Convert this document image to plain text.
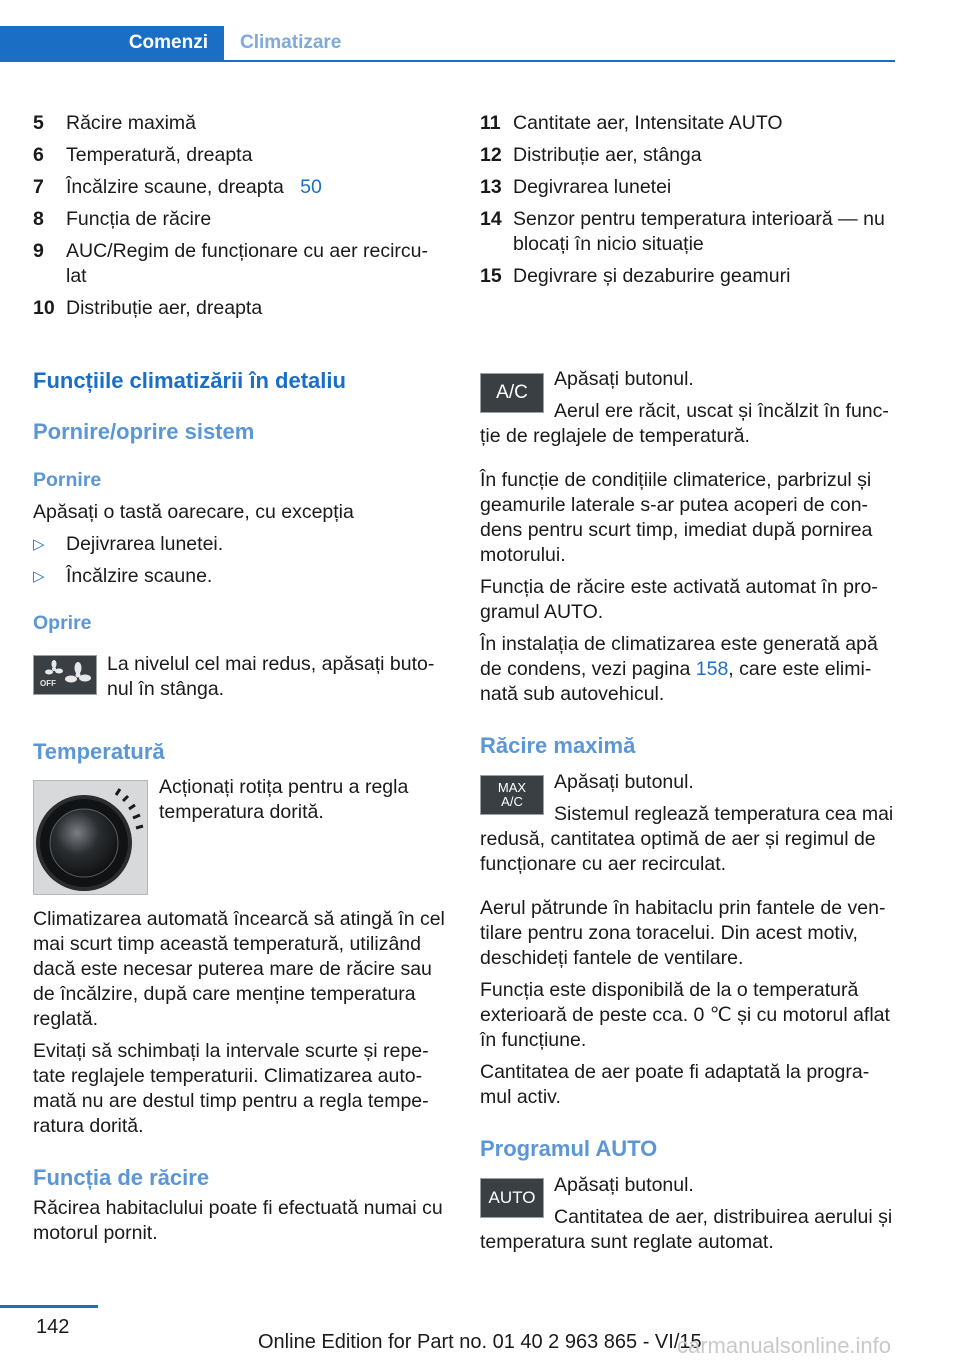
Comenzi Climatizare
5 Răcire maximă
6 Temperatură, dreapta
7 Încălzire scaune, dreapta 50
8 Funcția de răcire
9 AUC/Regim de funcționare cu aer recircu‐lat
10 Distribuție aer, dreapta
11 Cantitate aer, Intensitate AUTO
12 Distribuție aer, stânga
13 Degivrarea lunetei
14 Senzor pentru temperatura interioară — nu blocați în nicio situație
15 Degivrare și dezaburire geamuri
Funcțiile climatizării în detaliu
Pornire/oprire sistem
Pornire

Apăsați o tastă oarecare, cu excepția

▷ Dejivrarea lunetei.
▷ Încălzire scaune.
Oprire
OFF
La nivelul cel mai redus, apăsați buto‐nul în stânga.
Temperatură
Acționați rotița pentru a regla temperatura dorită.

Climatizarea automată încearcă să atingă în cel mai scurt timp această temperatură, utilizând dacă este necesar puterea mare de răcire sau de încălzire, după care menține temperatura reglată.

Evitați să schimbați la intervale scurte și repe‐tate reglajele temperaturii. Climatizarea auto‐mată nu are destul timp pentru a regla tempe‐ratura dorită.

Funcția de răcire

Răcirea habitaclului poate fi efectuată numai cu motorul pornit.

A/C
Apăsați butonul.
Aerul ere răcit, uscat și încălzit în func‐ție de reglajele de temperatură.

În funcție de condițiile climaterice, parbrizul și geamurile laterale s-ar putea acoperi de con‐dens pentru scurt timp, imediat după pornirea motorului.

Funcția de răcire este activată automat în pro‐gramul AUTO.

În instalația de climatizarea este generată apă de condens, vezi pagina 158, care este elimi‐nată sub autovehicul.

Răcire maximă
MAX
A/C
Apăsați butonul.
Sistemul reglează temperatura cea mai redusă, cantitatea optimă de aer și regimul de funcționare cu aer recirculat.

Aerul pătrunde în habitaclu prin fantele de ven‐tilare pentru zona toracelui. Din acest motiv, deschideți fantele de ventilare.

Funcția este disponibilă de la o temperatură exterioară de peste cca. 0 ℃ și cu motorul aflat în funcțiune.

Cantitatea de aer poate fi adaptată la progra‐mul activ.

Programul AUTO
AUTO
Apăsați butonul.
Cantitatea de aer, distribuirea aerului și temperatura sunt reglate automat.
142
Online Edition for Part no. 01 40 2 963 865 - VI/15
carmanualsonline.info
